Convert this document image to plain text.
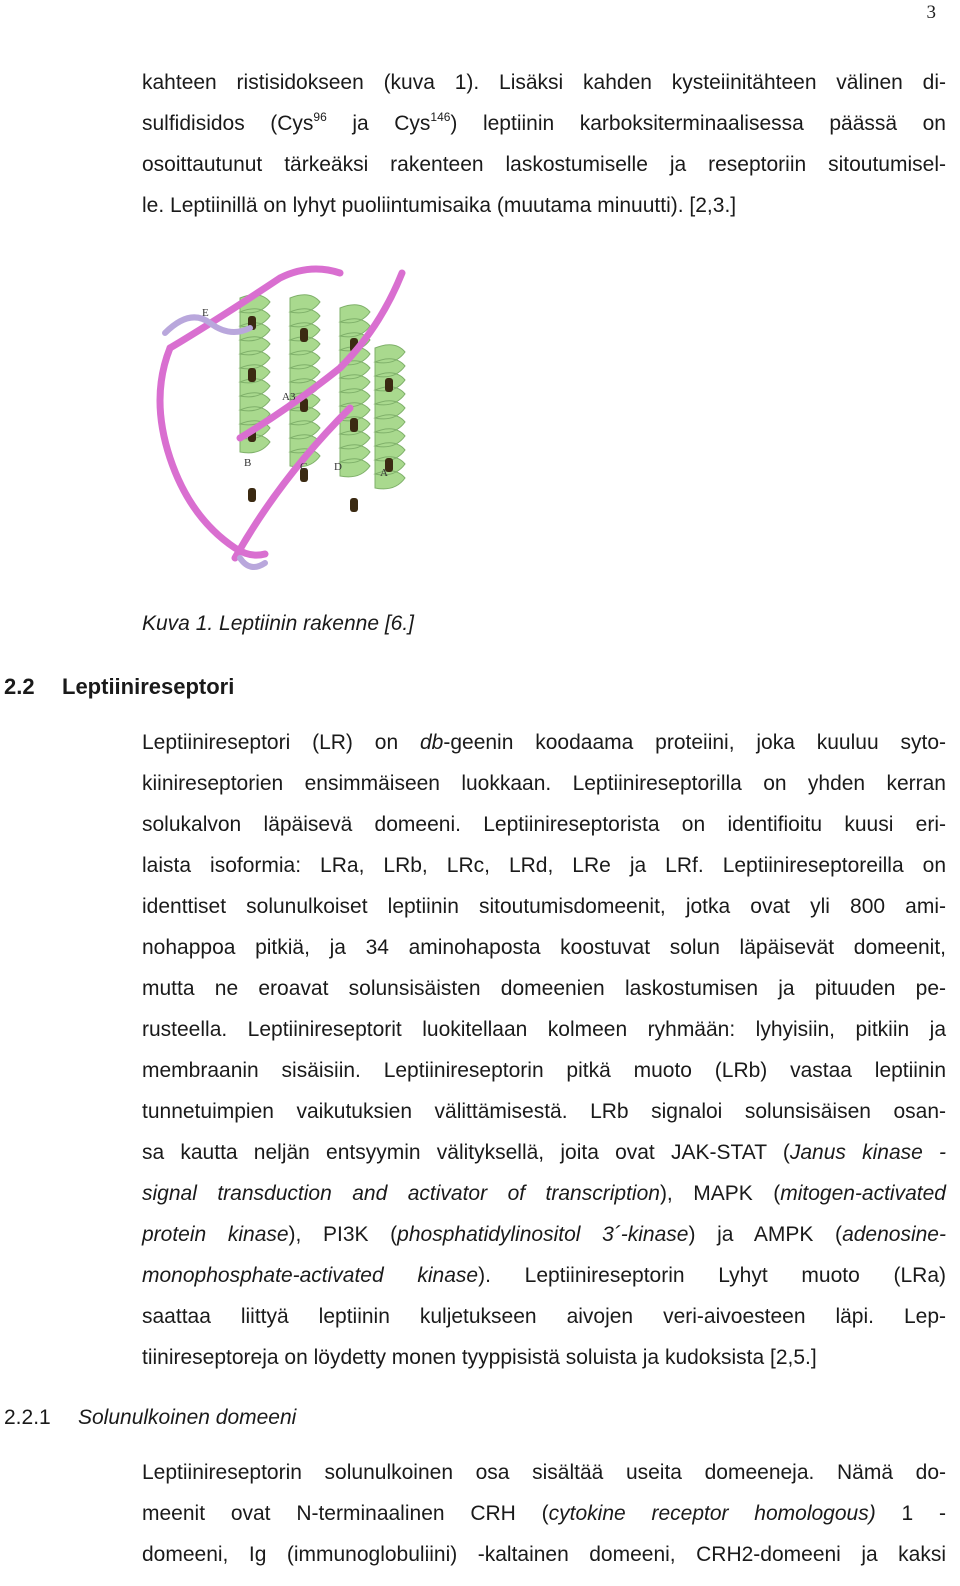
3
kahteen ristisidokseen (kuva 1). Lisäksi kahden kysteiinitähteen välinen di-
sulfidisidos (Cys$^{96}$ ja Cys$^{146}$) leptiinin karboksiterminaalisessa päässä on
osoittautunut tärkeäksi rakenteen laskostumiselle ja reseptoriin sitoutumisel-
le. Leptiinillä on lyhyt puoliintumisaika (muutama minuutti). [2,3.]
E
A3
B	C D	A
Kuva 1. Leptiinin rakenne [6.]
2.2 Leptiinireseptori
Leptiinireseptori (LR) on db-geenin koodaama proteiini, joka kuuluu syto-
kiinireseptorien ensimmäiseen luokkaan. Leptiinireseptorilla on yhden kerran
solukalvon läpäisevä domeeni. Leptiinireseptorista on identifioitu kuusi eri-
laista isoformia: LRa, LRb, LRc, LRd, LRe ja LRf. Leptiinireseptoreilla on
identtiset solunulkoiset leptiinin sitoutumisdomeenit, jotka ovat yli 800 ami-
nohappoa pitkiä, ja 34 aminohaposta koostuvat solun läpäisevät domeenit,
mutta ne eroavat solunsisäisten domeenien laskostumisen ja pituuden pe-
rusteella. Leptiinireseptorit luokitellaan kolmeen ryhmään: lyhyisiin, pitkiin ja
membraanin sisäisiin. Leptiinireseptorin pitkä muoto (LRb) vastaa leptiinin
tunnetuimpien vaikutuksien välittämisestä. LRb signaloi solunsisäisen osan-
sa kautta neljän entsyymin välityksellä, joita ovat JAK-STAT (Janus kinase -
signal transduction and activator of transcription), MAPK (mitogen-activated
protein kinase), PI3K (phosphatidylinositol 3´-kinase) ja AMPK (adenosine-
monophosphate-activated kinase). Leptiinireseptorin Lyhyt muoto (LRa)
saattaa liittyä leptiinin kuljetukseen aivojen veri-aivoesteen läpi. Lep-
tiinireseptoreja on löydetty monen tyyppisistä soluista ja kudoksista [2,5.]
2.2.1 Solunulkoinen domeeni
Leptiinireseptorin solunulkoinen osa sisältää useita domeeneja. Nämä do-
meenit ovat N-terminaalinen CRH (cytokine receptor homologous) 1 -
domeeni, Ig (immunoglobuliini) -kaltainen domeeni, CRH2-domeeni ja kaksi
